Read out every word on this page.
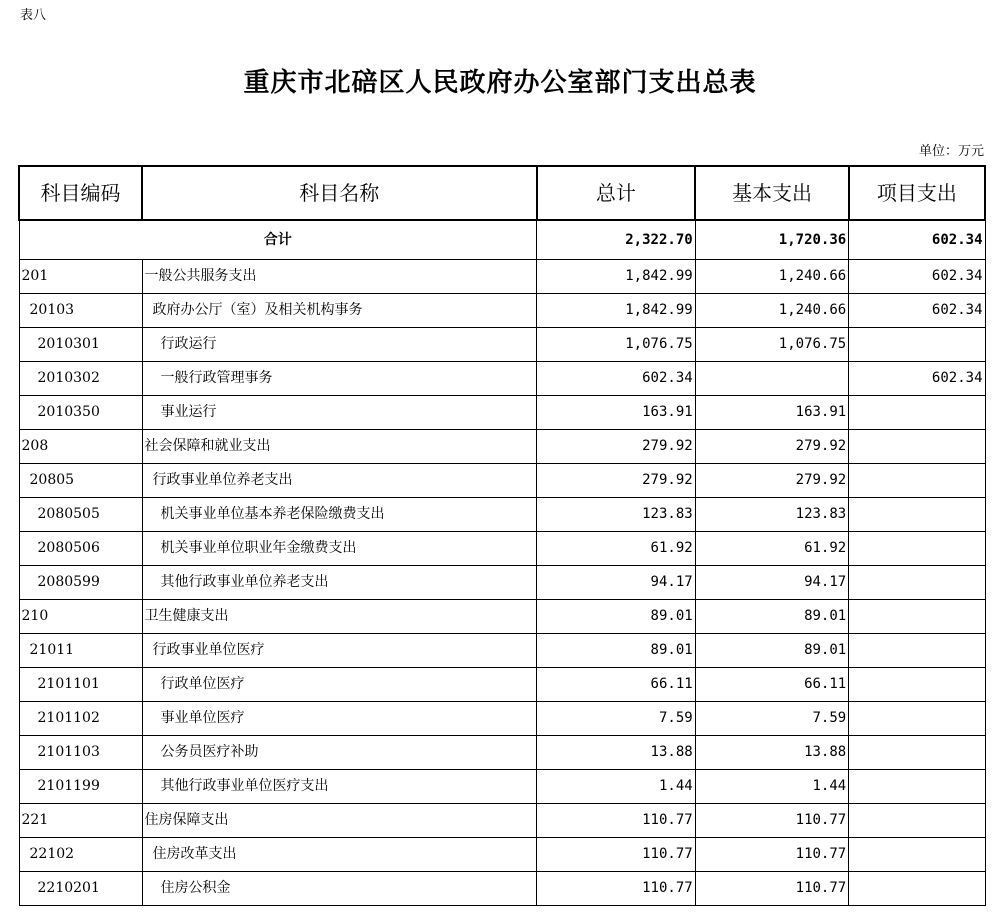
表八
重庆市北碚区人民政府办公室部门支出总表
单位：万元
科目编码	科目名称	总计	基本支出	项目支出
合计		2,322.70	1,720.36	602.34
201	一般公共服务支出	1,842.99	1,240.66	602.34
20103	政府办公厅（室）及相关机构事务	1,842.99	1,240.66	602.34
2010301	行政运行	1,076.75	1,076.75	
2010302	一般行政管理事务	602.34		602.34
2010350	事业运行	163.91	163.91	
208	社会保障和就业支出	279.92	279.92	
20805	行政事业单位养老支出	279.92	279.92	
2080505	机关事业单位基本养老保险缴费支出	123.83	123.83	
2080506	机关事业单位职业年金缴费支出	61.92	61.92	
2080599	其他行政事业单位养老支出	94.17	94.17	
210	卫生健康支出	89.01	89.01	
21011	行政事业单位医疗	89.01	89.01	
2101101	行政单位医疗	66.11	66.11	
2101102	事业单位医疗	7.59	7.59	
2101103	公务员医疗补助	13.88	13.88	
2101199	其他行政事业单位医疗支出	1.44	1.44	
221	住房保障支出	110.77	110.77	
22102	住房改革支出	110.77	110.77	
2210201	住房公积金	110.77	110.77	
